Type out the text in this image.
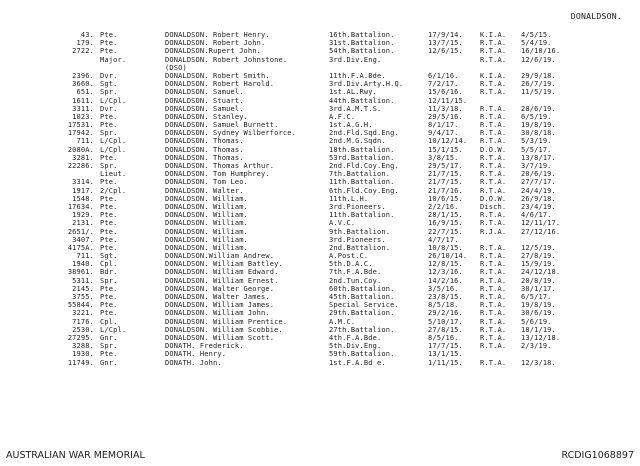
DONALDSON.
43. Pte.	DONALDSON. Robert Henry.	16th.Battalion.	17/9/14. K.I.A. 4/5/15.
179. Pte.	DONALDSON. Robert John.	31st.Battalion.	13/7/15. R.T.A. 5/4/19.
2722. Pte.	DONALDSON.Rupert John.	54th.Battalion.	12/6/15. R.T.A. 16/10/16.
Major.	DONALDSON. Robert Johnstone.	3rd.Div.Eng.	R.T.A. 12/6/19.
(DSO)
2396. Dvr.	DONALDSON. Robert Smith.	11th.F.A.Bde.	6/1/16.	K.I.A. 29/9/18.
3660. Sgt.	DONALDSON. Robert Harold.	3rd.Div.Arty.H.Q.	7/2/17.	R.T.A. 26/7/19.
651. Spr.	DONALDSON. Samuel.	1st.AL.Rwy.	15/6/16. R.T.A. 11/5/19.
1611. L/Cpl.	DONALDSON. Stuart.	44th.Battalion.	12/11/15.
3311. Dvr.	DONALDSON. Samuel.	3rd.A.M.T.S.	11/3/18. R.T.A. 28/6/19.
1023. Pte.	DONALDSON. Stanley.	A.F.C.	29/5/16. R.T.A. 6/5/19.
17531. Pte.	DONALDSON. Samuel Burnett.	1st.A.G.H.	8/1/17.	R.T.A. 19/8/19.
17942. Spr.	DONALDSON. Sydney Wilberforce.	2nd.Fld.Sqd.Eng.	9/4/17.	R.T.A. 30/8/18.
711. L/Cpl.	DONALDSON. Thomas.	2nd.M.G.Sqdn.	10/12/14. R.T.A. 5/3/19.
2080A. L/Cpl.	DONALDSON. Thomas.	18th.Battalion.	15/1/15. D.O.W. 5/5/17.
3281. Pte.	DONALDSON. Thomas.	53rd.Battalion.	3/8/15.	R.T.A. 13/8/17.
22286. Spr.	DONALDSON. Thomas Arthur.	2nd.Fld.Coy.Eng.	29/5/17. R.T.A. 3/7/19.
Lieut.	DONALDSON. Tom Humphrey.	7th.Battalion.	21/7/15. R.T.A. 20/6/19.
3314. Pte.	DONALDSON. Tom Leo.	11th.Battalion.	21/7/15. R.T.A. 27/7/17.
1917. 2/Cpl.	DONALDSON. Walter.	6th.Fld.Coy.Eng.	21/7/16. R.T.A. 24/4/19.
1548. Pte.	DONALDSON. William.	11th.L.H.	10/6/15. D.O.W. 26/9/18.
17634. Pte.	DONALDSON. William.	3rd.Pioneers.	2/2/16.	Disch. 23/4/19.
1929. Pte.	DONALDSON. William.	11th.Battalion.	28/1/15. R.T.A. 4/6/17.
2131. Pte.	DONALDSON. William.	A.V.C.	16/9/15. R.T.A. 12/11/17.
2651/. Pte.	DONALDSON. William.	9th.Battalion.	22/7/15. R.J.A. 27/12/16.
3407. Pte.	DONALDSON. William.	3rd.Pioneers.	4/7/17.
4175A. Pte.	DONALDSON. William.	2nd.Battalion.	10/8/15. R.T.A. 12/5/19.
711. Sgt.	DONALDSON.William Andrew.	A.Post.C.	26/10/14. R.T.A. 27/8/19.
1940. Cpl.	DONALDSON. William Battley.	5th.D.A.C.	12/8/15. R.T.A. 15/9/19.
38961. Bdr.	DONALDSON. William Edward.	7th.F.A.Bde.	12/3/16. R.T.A. 24/12/18.
5311. Spr.	DONALDSON. William Ernest.	2nd.Tun.Coy.	14/2/16. R.T.A. 20/8/19.
2145. Pte.	DONALDSON. Walter George.	60th.Battalion.	3/5/16.	R.T.A. 30/1/17.
3755. Pte.	DONALDSON. Walter James.	45th.Battalion.	23/8/15. R.T.A. 6/5/17.
55844. Pte.	DONALDSON. William James.	Special Service.	8/5/18.	R.T.A. 19/8/19.
3221. Pte.	DONALDSON. William John.	29th.Battalion.	29/2/16. R.T.A. 30/6/19.
7176. Cpl.	DONALDSON. William Prentice.	A.M.C.	5/10/17. R.T.A. 5/6/19.
2530. L/Cpl.	DONALDSON. William Scobbie.	27th.Battalion.	27/8/15. R.T.A. 18/1/19.
27295. Gnr.	DONALDSON. William Scott.	4th.F.A.Bde.	8/5/16.	R.T.A. 13/12/18.
3288. Spr.	DONATH. Frederick.	5th.Div.Eng.	17/7/15. R.T.A. 2/3/19.
1930. Pte.	DONATH. Henry.	59th.Battalion.	13/1/15.
11749. Gnr.	DONATH. John.	1st.F.A.Bd e.	1/11/15. R.T.A. 12/3/18.
AUSTRALIAN WAR MEMORIAL	RCDIG1068897
